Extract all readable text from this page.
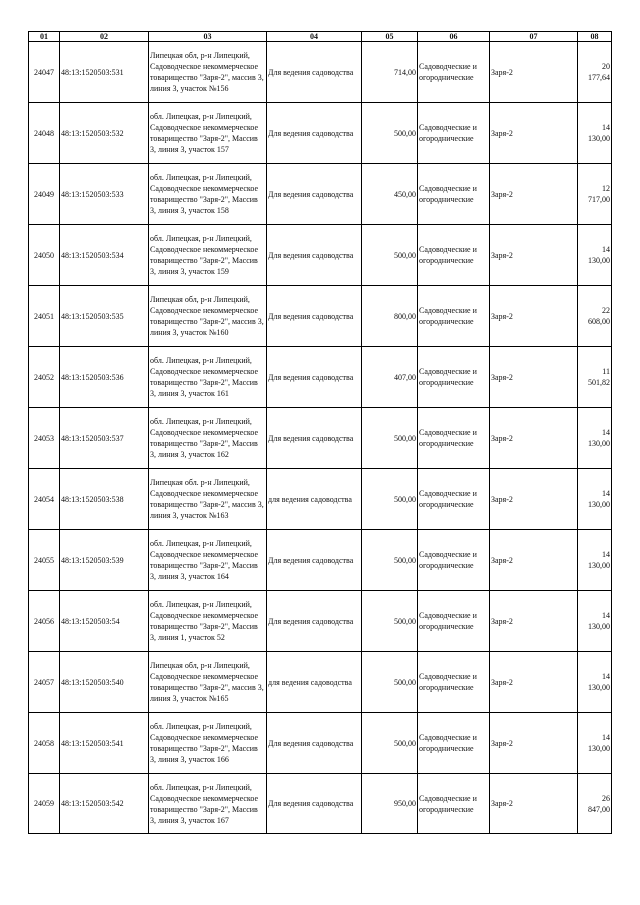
01	02	03	04	05	06	07	08
24047	48:13:1520503:531	Липецкая обл, р-н Липецкий, Садоводческое некоммерческое товарищество "Заря-2", массив 3, линия 3, участок №156	Для ведения садоводства	714,00	Садоводческие и огороднические	Заря-2	20 177,64
24048	48:13:1520503:532	обл. Липецкая, р-н Липецкий, Садоводческое некоммерческое товарищество "Заря-2", Массив 3, линия 3, участок 157	Для ведения садоводства	500,00	Садоводческие и огороднические	Заря-2	14 130,00
24049	48:13:1520503:533	обл. Липецкая, р-н Липецкий, Садоводческое некоммерческое товарищество "Заря-2", Массив 3, линия 3, участок 158	Для ведения садоводства	450,00	Садоводческие и огороднические	Заря-2	12 717,00
24050	48:13:1520503:534	обл. Липецкая, р-н Липецкий, Садоводческое некоммерческое товарищество "Заря-2", Массив 3, линия 3, участок 159	Для ведения садоводства	500,00	Садоводческие и огороднические	Заря-2	14 130,00
24051	48:13:1520503:535	Липецкая обл, р-н Липецкий, Садоводческое некоммерческое товарищество "Заря-2", массив 3, линия 3, участок №160	Для ведения садоводства	800,00	Садоводческие и огороднические	Заря-2	22 608,00
24052	48:13:1520503:536	обл. Липецкая, р-н Липецкий, Садоводческое некоммерческое товарищество "Заря-2", Массив 3, линия 3, участок 161	Для ведения садоводства	407,00	Садоводческие и огороднические	Заря-2	11 501,82
24053	48:13:1520503:537	обл. Липецкая, р-н Липецкий, Садоводческое некоммерческое товарищество "Заря-2", Массив 3, линия 3, участок 162	Для ведения садоводства	500,00	Садоводческие и огороднические	Заря-2	14 130,00
24054	48:13:1520503:538	Липецкая обл. р-н Липецкий, Садоводческое некоммерческое товарищество "Заря-2", массив 3, линия 3, участок №163	для ведения садоводства	500,00	Садоводческие и огороднические	Заря-2	14 130,00
24055	48:13:1520503:539	обл. Липецкая, р-н Липецкий, Садоводческое некоммерческое товарищество "Заря-2", Массив 3, линия 3, участок 164	Для ведения садоводства	500,00	Садоводческие и огороднические	Заря-2	14 130,00
24056	48:13:1520503:54	обл. Липецкая, р-н Липецкий, Садоводческое некоммерческое товарищество "Заря-2", Массив 3, линия 1, участок 52	Для ведения садоводства	500,00	Садоводческие и огороднические	Заря-2	14 130,00
24057	48:13:1520503:540	Липецкая обл, р-н Липецкий, Садоводческое некоммерческое товарищество "Заря-2", массив 3, линия 3, участок №165	для ведения садоводства	500,00	Садоводческие и огороднические	Заря-2	14 130,00
24058	48:13:1520503:541	обл. Липецкая, р-н Липецкий, Садоводческое некоммерческое товарищество "Заря-2", Массив 3, линия 3, участок 166	Для ведения садоводства	500,00	Садоводческие и огороднические	Заря-2	14 130,00
24059	48:13:1520503:542	обл. Липецкая, р-н Липецкий, Садоводческое некоммерческое товарищество "Заря-2", Массив 3, линия 3, участок 167	Для ведения садоводства	950,00	Садоводческие и огороднические	Заря-2	26 847,00
